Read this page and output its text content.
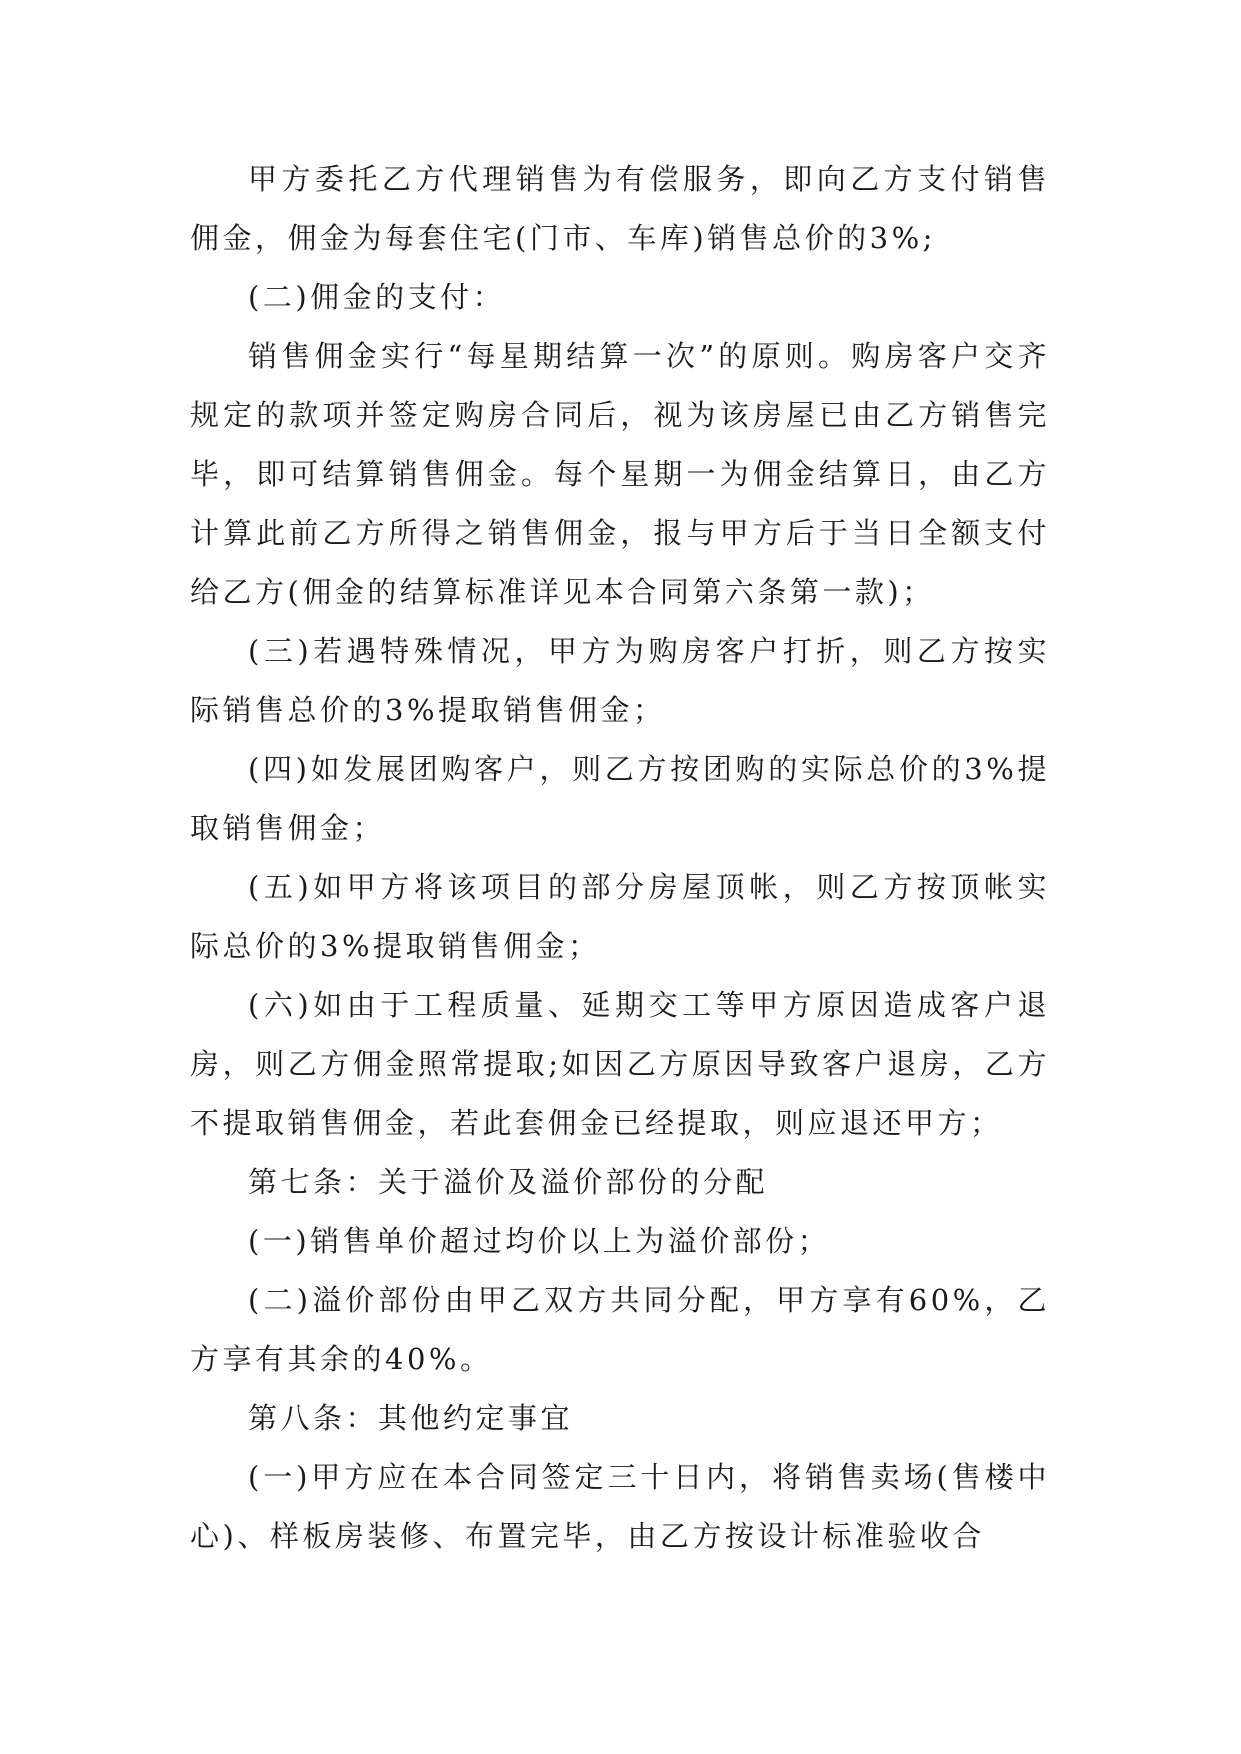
甲方委托乙方代理销售为有偿服务，即向乙方支付销售佣金，佣金为每套住宅(门市、车库)销售总价的3%;

(二)佣金的支付：

销售佣金实行“每星期结算一次”的原则。购房客户交齐规定的款项并签定购房合同后，视为该房屋已由乙方销售完毕，即可结算销售佣金。每个星期一为佣金结算日，由乙方计算此前乙方所得之销售佣金，报与甲方后于当日全额支付给乙方(佣金的结算标准详见本合同第六条第一款)；

(三)若遇特殊情况，甲方为购房客户打折，则乙方按实际销售总价的3%提取销售佣金；

(四)如发展团购客户，则乙方按团购的实际总价的3%提取销售佣金；

(五)如甲方将该项目的部分房屋顶帐，则乙方按顶帐实际总价的3%提取销售佣金；

(六)如由于工程质量、延期交工等甲方原因造成客户退房，则乙方佣金照常提取;如因乙方原因导致客户退房，乙方不提取销售佣金，若此套佣金已经提取，则应退还甲方；

第七条：关于溢价及溢价部份的分配

(一)销售单价超过均价以上为溢价部份；

(二)溢价部份由甲乙双方共同分配，甲方享有60%，乙方享有其余的40%。

第八条：其他约定事宜

(一)甲方应在本合同签定三十日内，将销售卖场(售楼中心)、样板房装修、布置完毕，由乙方按设计标准验收合
